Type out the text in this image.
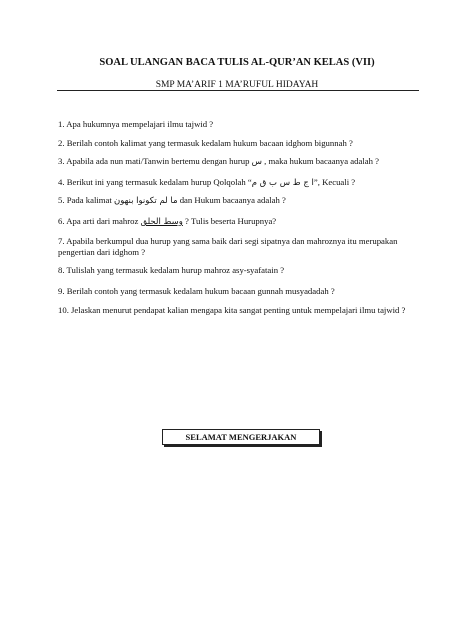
SOAL ULANGAN BACA TULIS AL-QUR’AN KELAS (VII)
SMP MA’ARIF 1 MA’RUFUL HIDAYAH
1. Apa hukumnya mempelajari ilmu tajwid ?
2. Berilah contoh kalimat yang termasuk kedalam hukum bacaan idghom bigunnah ?
3. Apabila ada nun mati/Tanwin bertemu dengan hurup س , maka hukum bacaanya adalah ?
4. Berikut ini yang termasuk kedalam hurup Qolqolah “ا ج ط س ب ق م”, Kecuali ?
5. Pada kalimat ما لم تكونوا بنهون dan Hukum bacaanya adalah ?
6. Apa arti dari mahroz وسط الحلق ? Tulis beserta Hurupnya?
7. Apabila berkumpul dua hurup yang sama baik dari segi sipatnya dan mahroznya itu merupakan pengertian dari idghom ?
8. Tulislah yang termasuk kedalam hurup mahroz asy-syafatain ?
9. Berilah contoh yang termasuk kedalam hukum bacaan gunnah musyadadah ?
10. Jelaskan menurut pendapat kalian mengapa kita sangat penting untuk mempelajari ilmu tajwid ?
SELAMAT MENGERJAKAN
